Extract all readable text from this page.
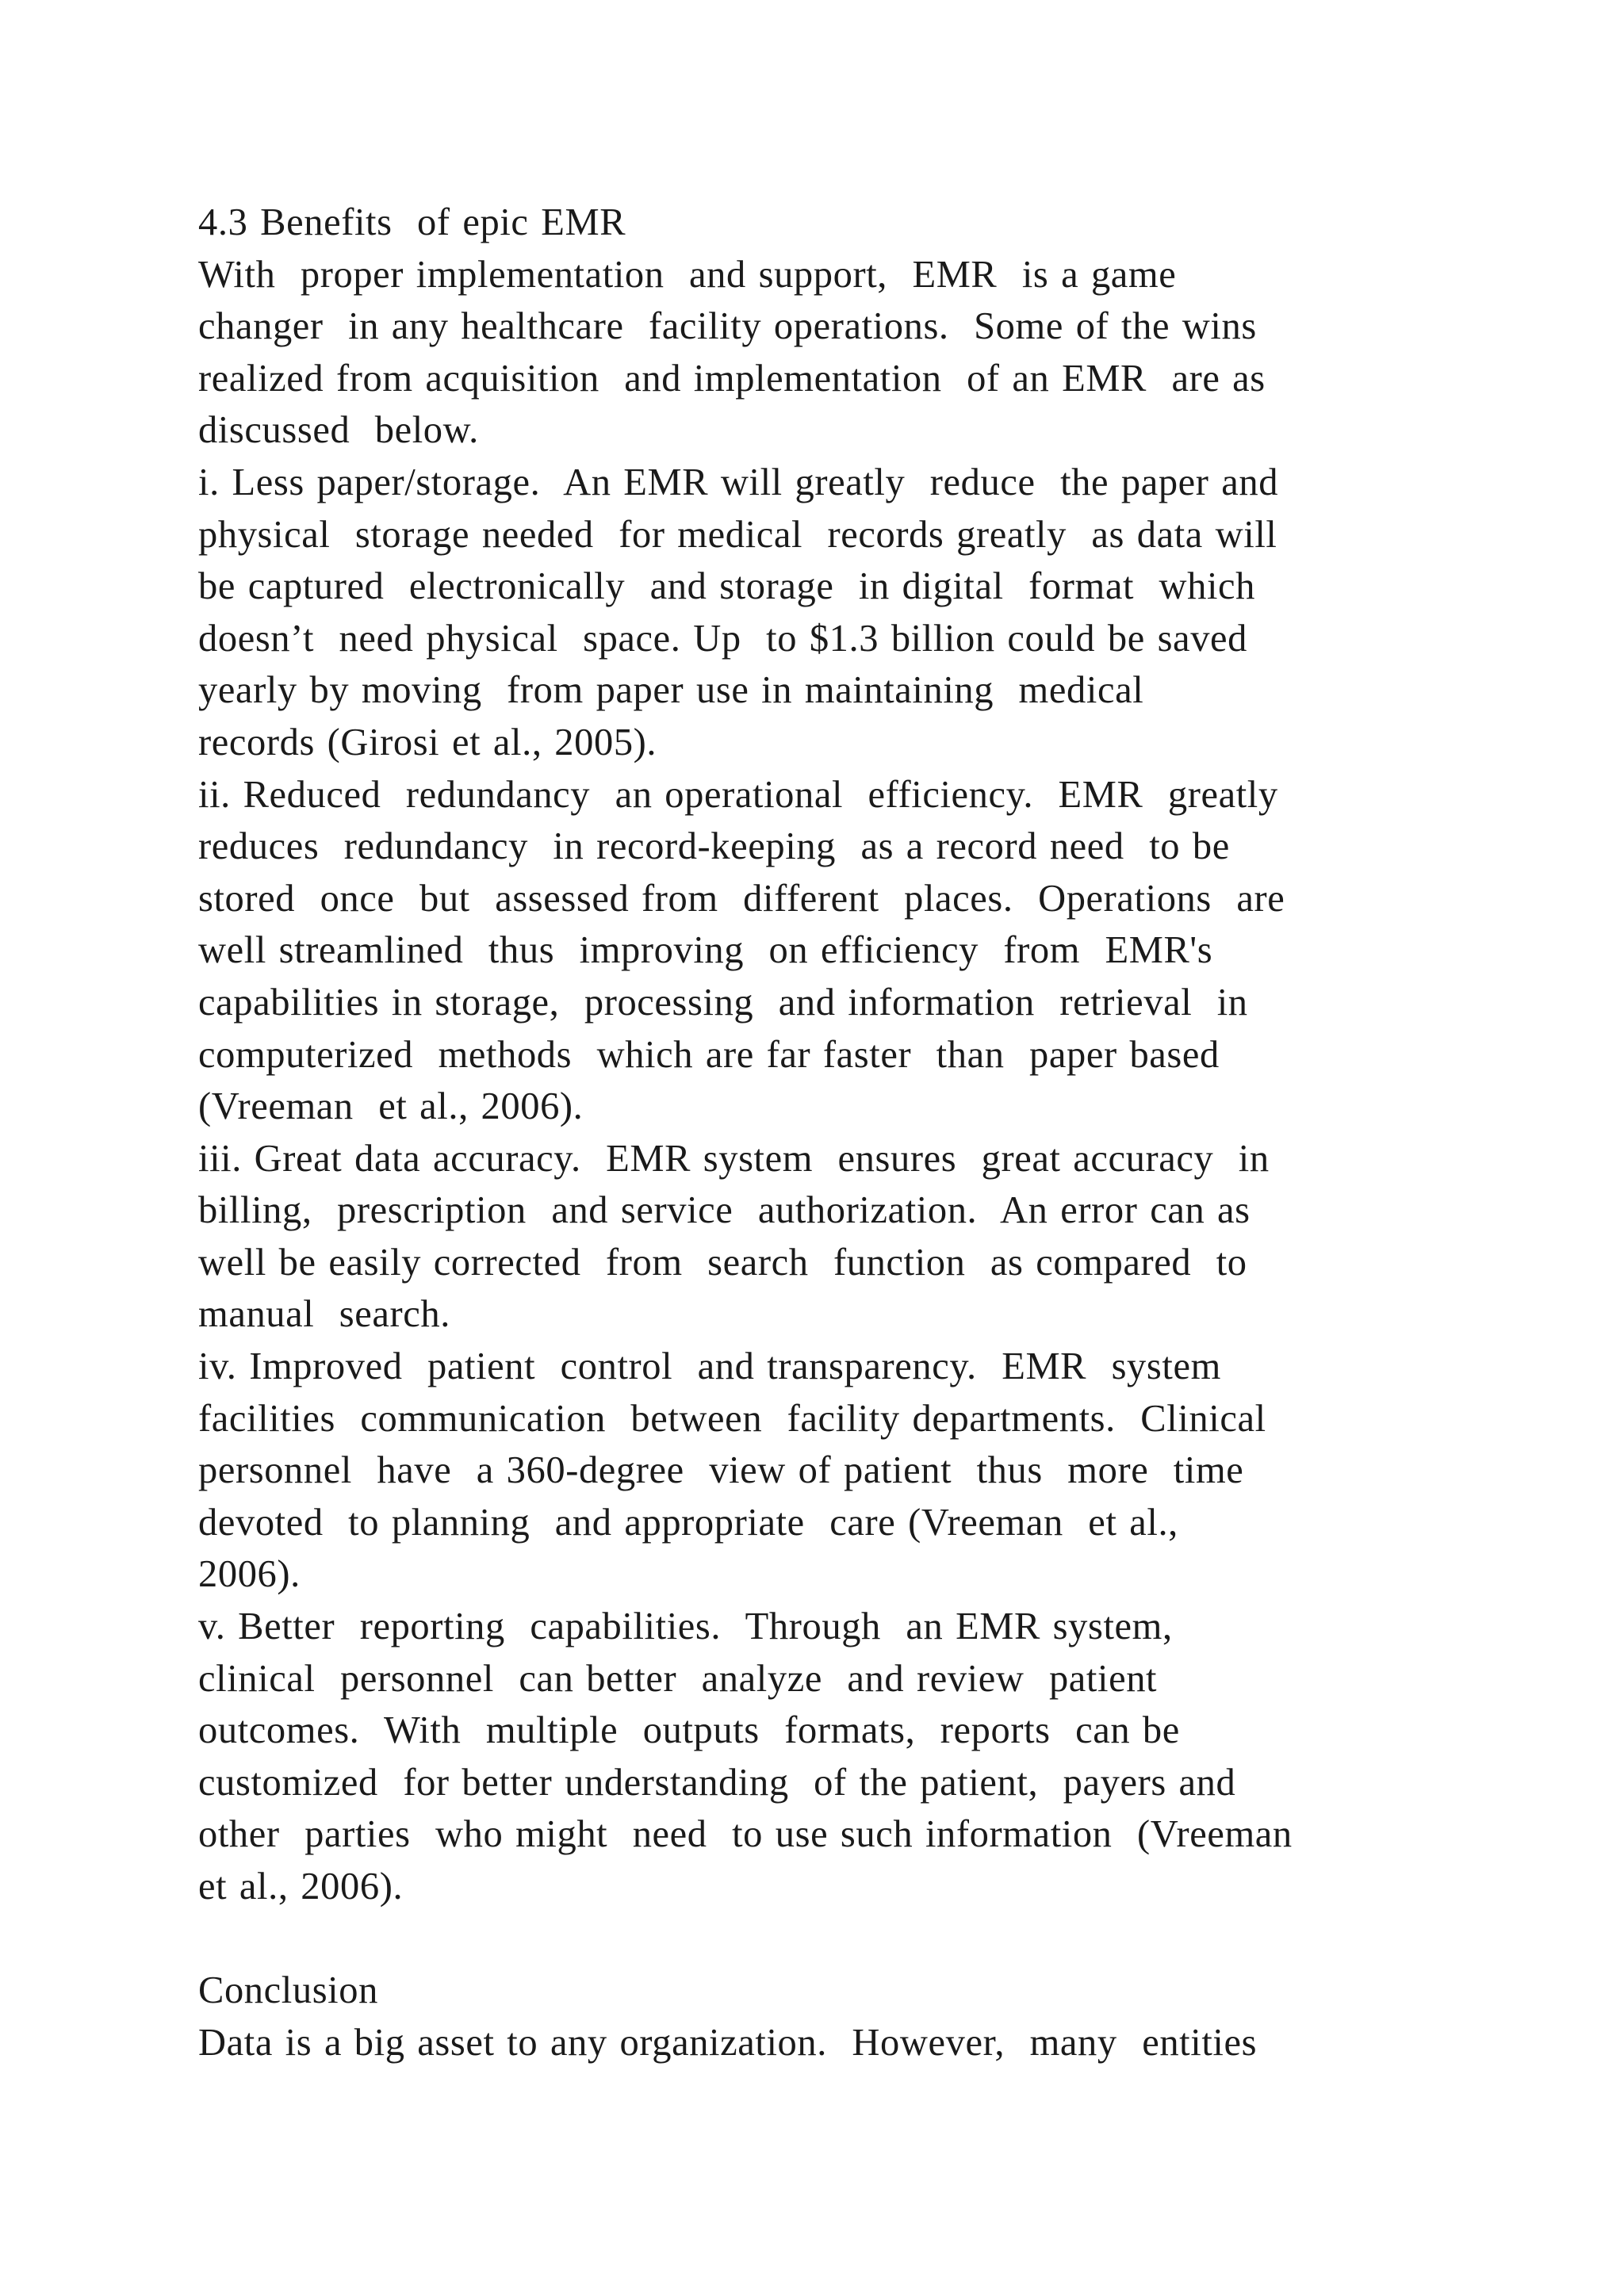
4.3 Benefits  of epic EMR
With  proper implementation  and support,  EMR  is a game
changer  in any healthcare  facility operations.  Some of the wins
realized from acquisition  and implementation  of an EMR  are as
discussed  below.
i. Less paper/storage.  An EMR will greatly  reduce  the paper and
physical  storage needed  for medical  records greatly  as data will
be captured  electronically  and storage  in digital  format  which
doesn’t  need physical  space. Up  to $1.3 billion could be saved
yearly by moving  from paper use in maintaining  medical
records (Girosi et al., 2005).
ii. Reduced  redundancy  an operational  efficiency.  EMR  greatly
reduces  redundancy  in record-keeping  as a record need  to be
stored  once  but  assessed from  different  places.  Operations  are
well streamlined  thus  improving  on efficiency  from  EMR's
capabilities in storage,  processing  and information  retrieval  in
computerized  methods  which are far faster  than  paper based
(Vreeman  et al., 2006).
iii. Great data accuracy.  EMR system  ensures  great accuracy  in
billing,  prescription  and service  authorization.  An error can as
well be easily corrected  from  search  function  as compared  to
manual  search.
iv. Improved  patient  control  and transparency.  EMR  system
facilities  communication  between  facility departments.  Clinical
personnel  have  a 360-degree  view of patient  thus  more  time
devoted  to planning  and appropriate  care (Vreeman  et al.,
2006).
v. Better  reporting  capabilities.  Through  an EMR system,
clinical  personnel  can better  analyze  and review  patient
outcomes.  With  multiple  outputs  formats,  reports  can be
customized  for better understanding  of the patient,  payers and
other  parties  who might  need  to use such information  (Vreeman
et al., 2006).
Conclusion
Data is a big asset to any organization.  However,  many  entities
